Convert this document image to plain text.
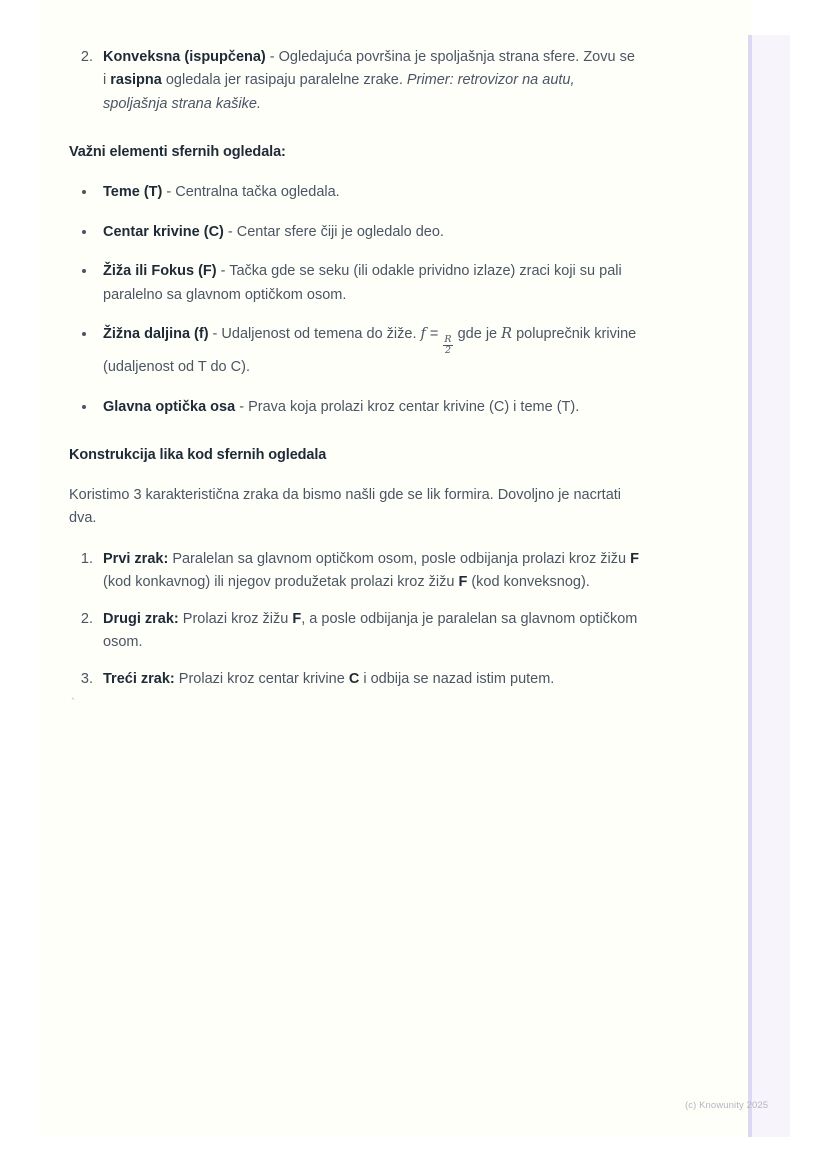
2. Konveksna (ispupčena) - Ogledajuća površina je spoljašnja strana sfere. Zovu se i rasipna ogledala jer rasipaju paralelne zrake. Primer: retrovizor na autu, spoljašnja strana kašike.
Važni elementi sfernih ogledala:
• Teme (T) - Centralna tačka ogledala.
• Centar krivine (C) - Centar sfere čiji je ogledalo deo.
• Žiža ili Fokus (F) - Tačka gde se seku (ili odakle prividno izlaze) zraci koji su pali paralelno sa glavnom optičkom osom.
• Žižna daljina (f) - Udaljenost od temena do žiže. f =
$\frac{R}{2}$
gde je R poluprečnik krivine (udaljenost od T do C).
• Glavna optička osa - Prava koja prolazi kroz centar krivine (C) i teme (T).
Konstrukcija lika kod sfernih ogledala
Koristimo 3 karakteristična zraka da bismo našli gde se lik formira. Dovoljno je nacrtati dva.
1. Prvi zrak: Paralelan sa glavnom optičkom osom, posle odbijanja prolazi kroz žižu F (kod konkavnog) ili njegov produžetak prolazi kroz žižu F (kod konveksnog).
2. Drugi zrak: Prolazi kroz žižu F, a posle odbijanja je paralelan sa glavnom optičkom osom.
3. Treći zrak: Prolazi kroz centar krivine C i odbija se nazad istim putem.
`
(c) Knowunity 2025
